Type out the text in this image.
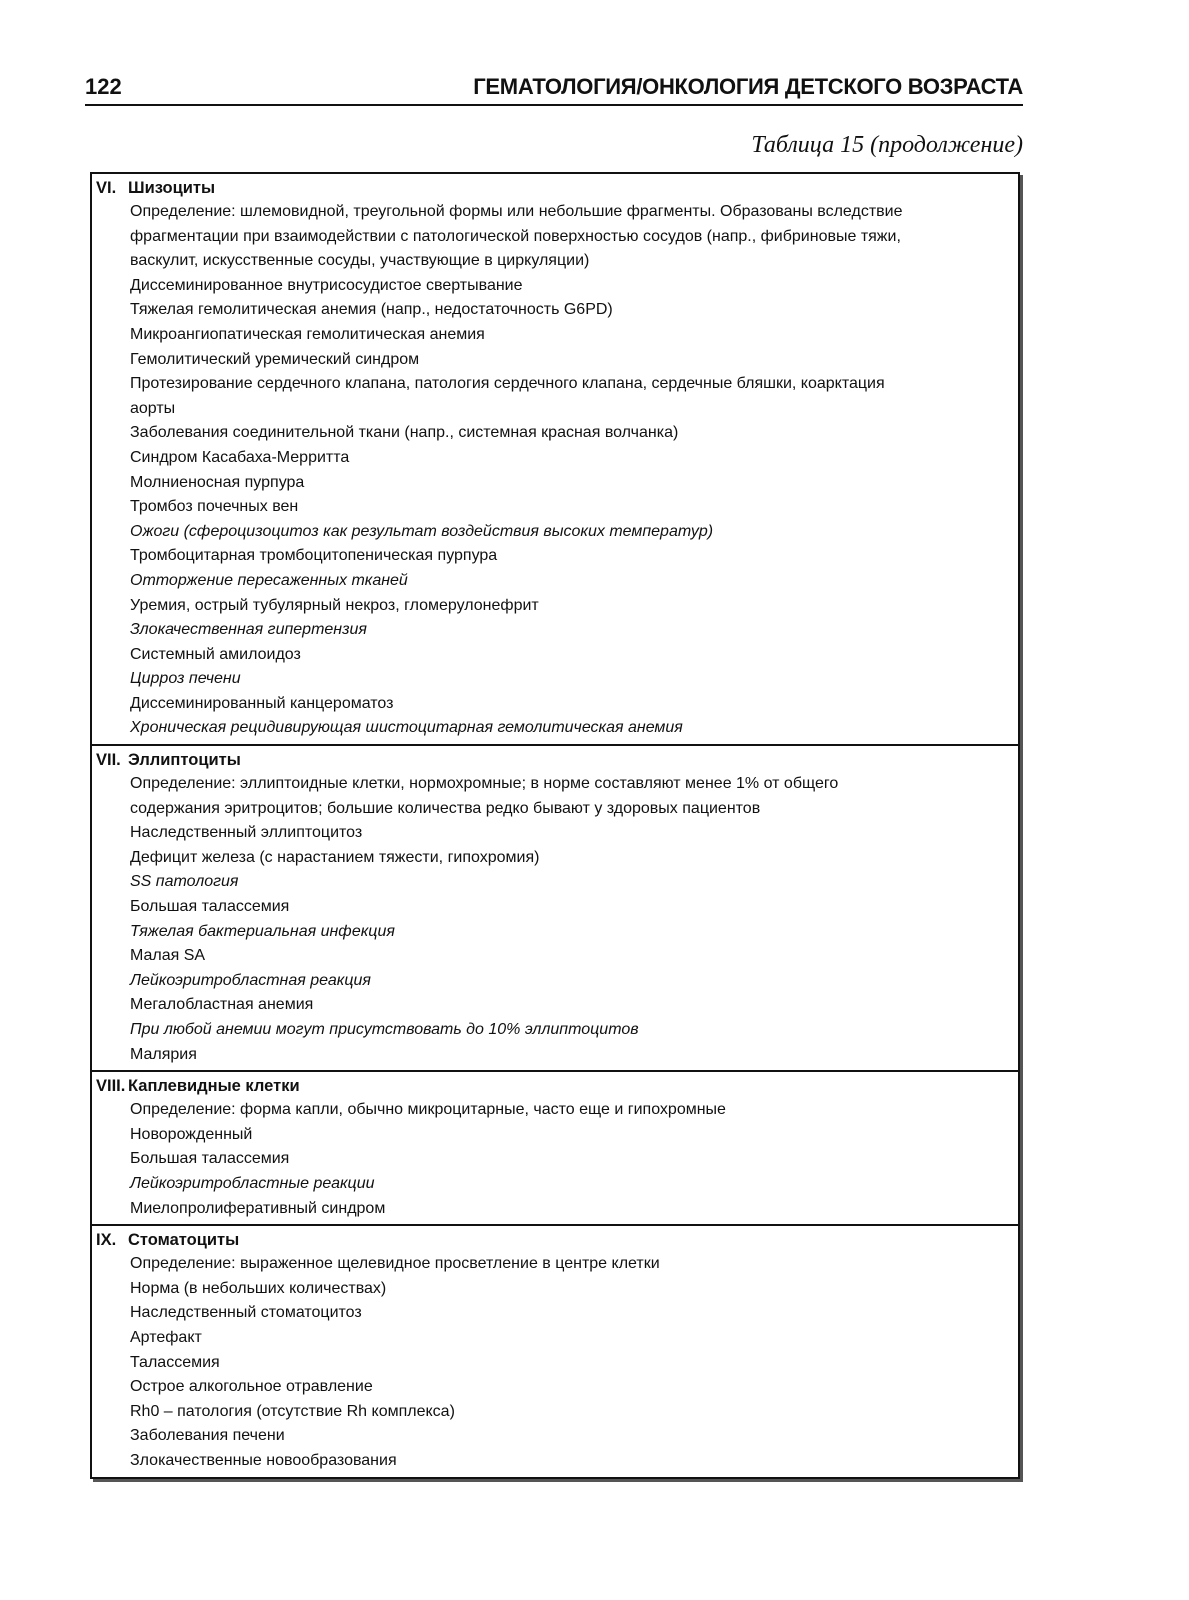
122	ГЕМАТОЛОГИЯ/ОНКОЛОГИЯ ДЕТСКОГО ВОЗРАСТА
Таблица 15 (продолжение)
VI. Шизоциты
Определение: шлемовидной, треугольной формы или небольшие фрагменты. Образованы вследствие
фрагментации при взаимодействии с патологической поверхностью сосудов (напр., фибриновые тяжи,
васкулит, искусственные сосуды, участвующие в циркуляции)
Диссеминированное внутрисосудистое свертывание
Тяжелая гемолитическая анемия (напр., недостаточность G6PD)
Микроангиопатическая гемолитическая анемия
Гемолитический уремический синдром
Протезирование сердечного клапана, патология сердечного клапана, сердечные бляшки, коарктация
аорты
Заболевания соединительной ткани (напр., системная красная волчанка)
Синдром Касабаха-Мерритта
Молниеносная пурпура
Тромбоз почечных вен
Ожоги (сфероцизоцитоз как результат воздействия высоких температур)
Тромбоцитарная тромбоцитопеническая пурпура
Отторжение пересаженных тканей
Уремия, острый тубулярный некроз, гломерулонефрит
Злокачественная гипертензия
Системный амилоидоз
Цирроз печени
Диссеминированный канцероматоз
Хроническая рецидивирующая шистоцитарная гемолитическая анемия
VII. Эллиптоциты
Определение: эллиптоидные клетки, нормохромные; в норме составляют менее 1% от общего
содержания эритроцитов; большие количества редко бывают у здоровых пациентов
Наследственный эллиптоцитоз
Дефицит железа (с нарастанием тяжести, гипохромия)
SS патология
Большая талассемия
Тяжелая бактериальная инфекция
Малая SA
Лейкоэритробластная реакция
Мегалобластная анемия
При любой анемии могут присутствовать до 10% эллиптоцитов
Малярия
VIII. Каплевидные клетки
Определение: форма капли, обычно микроцитарные, часто еще и гипохромные
Новорожденный
Большая талассемия
Лейкоэритробластные реакции
Миелопролиферативный синдром
IX. Стоматоциты
Определение: выраженное щелевидное просветление в центре клетки
Норма (в небольших количествах)
Наследственный стоматоцитоз
Артефакт
Талассемия
Острое алкогольное отравление
Rh0 – патология (отсутствие Rh комплекса)
Заболевания печени
Злокачественные новообразования
